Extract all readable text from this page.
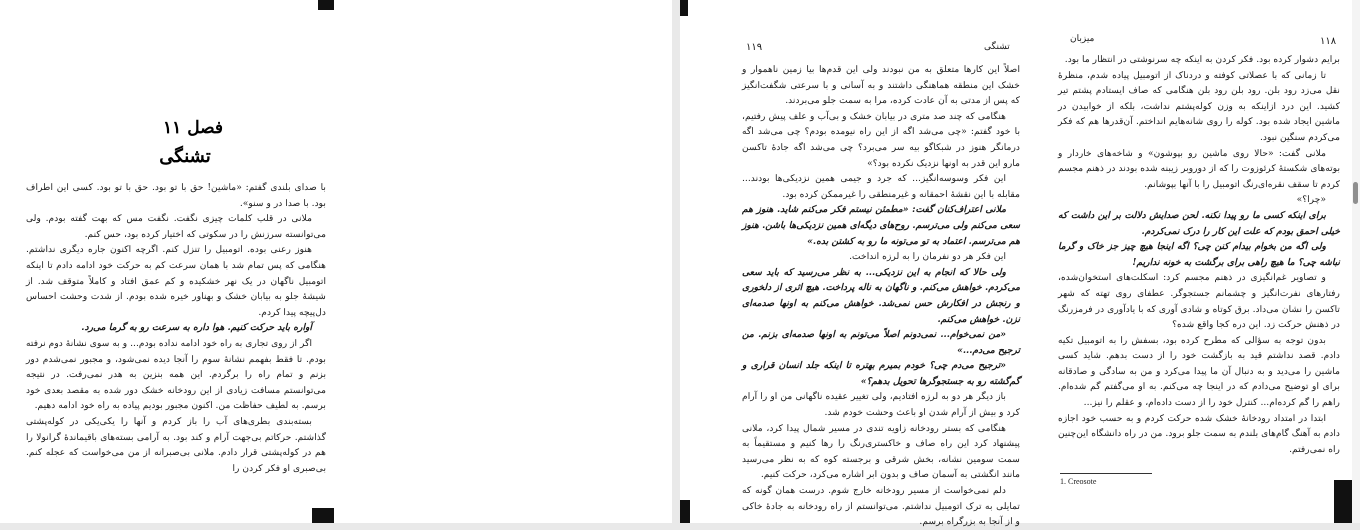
فصل ۱۱
تشنگی

با صدای بلندی گفتم: «ماشین! حق با تو بود. حق با تو بود. کسی این اطراف بود. با صدا در و سنو».

ملانی در قلب کلمات چیزی نگفت. نگفت مس که بهت گفته بودم. ولی می‌توانسته سرزنش را در سکوتی که اختیار کرده بود، حس کنم.

هنوز رعنی بوده. اتومبیل را تنزل کنم. اگرچه اکنون جاره دیگری نداشتم. هنگامی که پس تمام شد با همان سرعت کم به حرکت خود ادامه دادم تا اینکه اتومبیل ناگهان در یک نهر خشکیده و کم عمق افتاد و کاملاً متوقف شد. از شیشهٔ جلو به بیابان خشک و بهناور خیره شده بودم. از شدت وحشت احساس دل‌پیچه پیدا کردم.

آواره باید حرکت کنیم. هوا داره به سرعت رو به گرما می‌رد.

اگر از روی تجاری به راه خود ادامه نداده بودم... و به سوی نشانهٔ دوم نرفته بودم. تا فقط بفهمم نشانهٔ سوم را آنجا دیده نمی‌شود، و مجبور نمی‌شدم دور بزنم و تمام راه را برگردم. این همه بنزین به هدر نمی‌رفت. در نتیجه می‌توانستم مسافت زیادی از این رودخانه خشک دور شده به مقصد بعدی خود برسم. به لطیف حفاظت من. اکنون مجبور بودیم پیاده به راه خود ادامه دهیم.

بسته‌بندی بطری‌های آب را باز کردم و آنها را یکی‌یکی در کوله‌پشتی گذاشتم. حرکاتم بی‌جهت آرام و کند بود. به آرامی بسته‌های باقیماندهٔ گرانولا را هم در کوله‌پشتی قرار دادم. ملانی بی‌صبرانه از من می‌خواست که عجله کنم. بی‌صبری او فکر کردن را

۱۱۹	تشنگی

اصلاً این کارها متعلق به من نبودند ولی این قدم‌ها بیا زمین ناهموار و خشک این منطقه هماهنگی داشتند و به آسانی و با سرعتی شگفت‌انگیز که پس از مدتی به آن عادت کرده، مرا به سمت جلو می‌بردند.

هنگامی که چند صد متری در بیابان خشک و بی‌آب و علف پیش رفتیم، با خود گفتم: «چی می‌شد اگه از این راه نیومده بودم؟ چی می‌شد اگه درمانگر هنوز در شبکاگو بیه سر می‌برد؟ چی می‌شد اگه جادهٔ تاکسن مارو این قدر به اونها نزدیک نکرده بود؟»

این فکر وسوسه‌انگیز... که جرد و جیمی همین نزدیکی‌ها بودند... مقابله با این نقشهٔ احمقانه و غیرمنطقی را غیرممکن کرده بود.

ملانی اعتراف‌کنان گفت: «مطمئن نیستم فکر می‌کنم شاید. هنوز هم سعی می‌کنم ولی می‌ترسم. روح‌های دیگه‌ای همین نزدیکی‌ها باشن. هنوز هم می‌ترسم. اعتماد به تو می‌تونه ما رو به کشتن بده.»

این فکر هر دو نفرمان را به لرزه انداخت.

ولی حالا که انجام به این نزدیکی... به نظر می‌رسید که باید سعی می‌کردم. خواهش می‌کنم. و ناگهان به ناله پرداخت. هیچ اثری از دلخوری و رنجش در افکارش حس نمی‌شد. خواهش می‌کنم به اونها صدمه‌ای نزن. خواهش می‌کنم.

«من نمی‌خوام... نمی‌دونم اصلاً می‌تونم به اونها صدمه‌ای بزنم. من ترجیح می‌دم...»

«ترجیح می‌دم چی؟ خودم بمیرم بهتره تا اینکه جلد انسان قراری و گم‌گشته رو به جستجوگرها تحویل بدهم؟»

باز دیگر هر دو به لرزه افتادیم، ولی تغییر عقیده ناگهانی من او را آرام کرد و بیش از آرام شدن او باعث وحشت خودم شد.

هنگامی که بستر رودخانه زاویه تندی در مسیر شمال پیدا کرد، ملانی پیشنهاد کرد این راه صاف و خاکستری‌رنگ را رها کنیم و مستقیماً به سمت سومین نشانه، بخش شرقی و برجسته کوه که به نظر می‌رسید مانند انگشتی به آسمان صاف و بدون ابر اشاره می‌کرد، حرکت کنیم.

دلم نمی‌خواست از مسیر رودخانه خارج شوم. درست همان گونه که تمایلی به ترک اتومبیل نداشتم. می‌توانستم از راه رودخانه به جادهٔ خاکی و از آنجا به بزرگراه برسم.

میزبان	۱۱۸

برایم دشوار کرده بود. فکر کردن به اینکه چه سرنوشتی در انتظار ما بود.

تا زمانی که با عصلاتی کوفته و دردناک از اتومبیل پیاده شدم، منظرهٔ نقل می‌زد رود بلن. رود بلن رود بلن هنگامی که صاف ایستادم پشتم تیر کشید. این درد ازاینکه به وزن کوله‌پشتم نداشت، بلکه از خوابیدن در ماشین ایجاد شده بود. کوله را روی شانه‌هایم انداختم. آن‌قدرها هم که فکر می‌کردم سنگین نبود.

ملانی گفت: «حالا روی ماشین رو بپوشون» و شاخه‌های خاردار و بوته‌های شکستهٔ کرئوزوت را که از دوروبر زیبنه شده بودند در ذهنم مجسم کردم تا سقف نقره‌ای‌رنگ اتومبیل را با آنها بپوشانم.

«چرا؟»

برای اینکه کسی ما رو پیدا نکنه. لحن صدایش دلالت بر این داشت که خیلی احمق بودم که علت این کار را درک نمی‌کردم.

ولی اگه من بخوام بیدام کنن چی؟ اگه اینجا هیچ چیز جز خاک و گرما نباشه چی؟ ما هیچ راهی برای برگشت به خونه نداریم!

و تصاویر غم‌انگیزی در ذهنم مجسم کرد: اسکلت‌های استخوان‌شده، رفتارهای نفرت‌انگیز و چشمانم جستجوگر. عطفای روی تهته که شهر تاکسن را نشان می‌داد. برق کوتاه و شادی آوری که با یادآوری در فرمزرنگ در ذهنش حرکت زد. این دره کجا واقع شده؟

بدون توجه به سؤالی که مطرح کرده بود، بسفش را به اتومبیل تکیه دادم. قصد نداشتم قید به بازگشت خود را از دست بدهم. شاید کسی ماشین را می‌دید و به دنبال آن ما پیدا می‌کرد و من به سادگی و صادقانه برای او توضیح می‌دادم که در اینجا چه می‌کنم. به او می‌گفتم گم شده‌ام. راهم را گم کرده‌ام... کنترل خود را از دست داده‌ام، و عقلم را نیز...

ابتدا در امتداد رودخانهٔ خشک شده حرکت کردم و به حسب خود اجازه دادم به آهنگ گام‌های بلندم به سمت جلو برود. من در راه دانشگاه این‌چنین راه نمی‌رفتم.

1. Creosote
